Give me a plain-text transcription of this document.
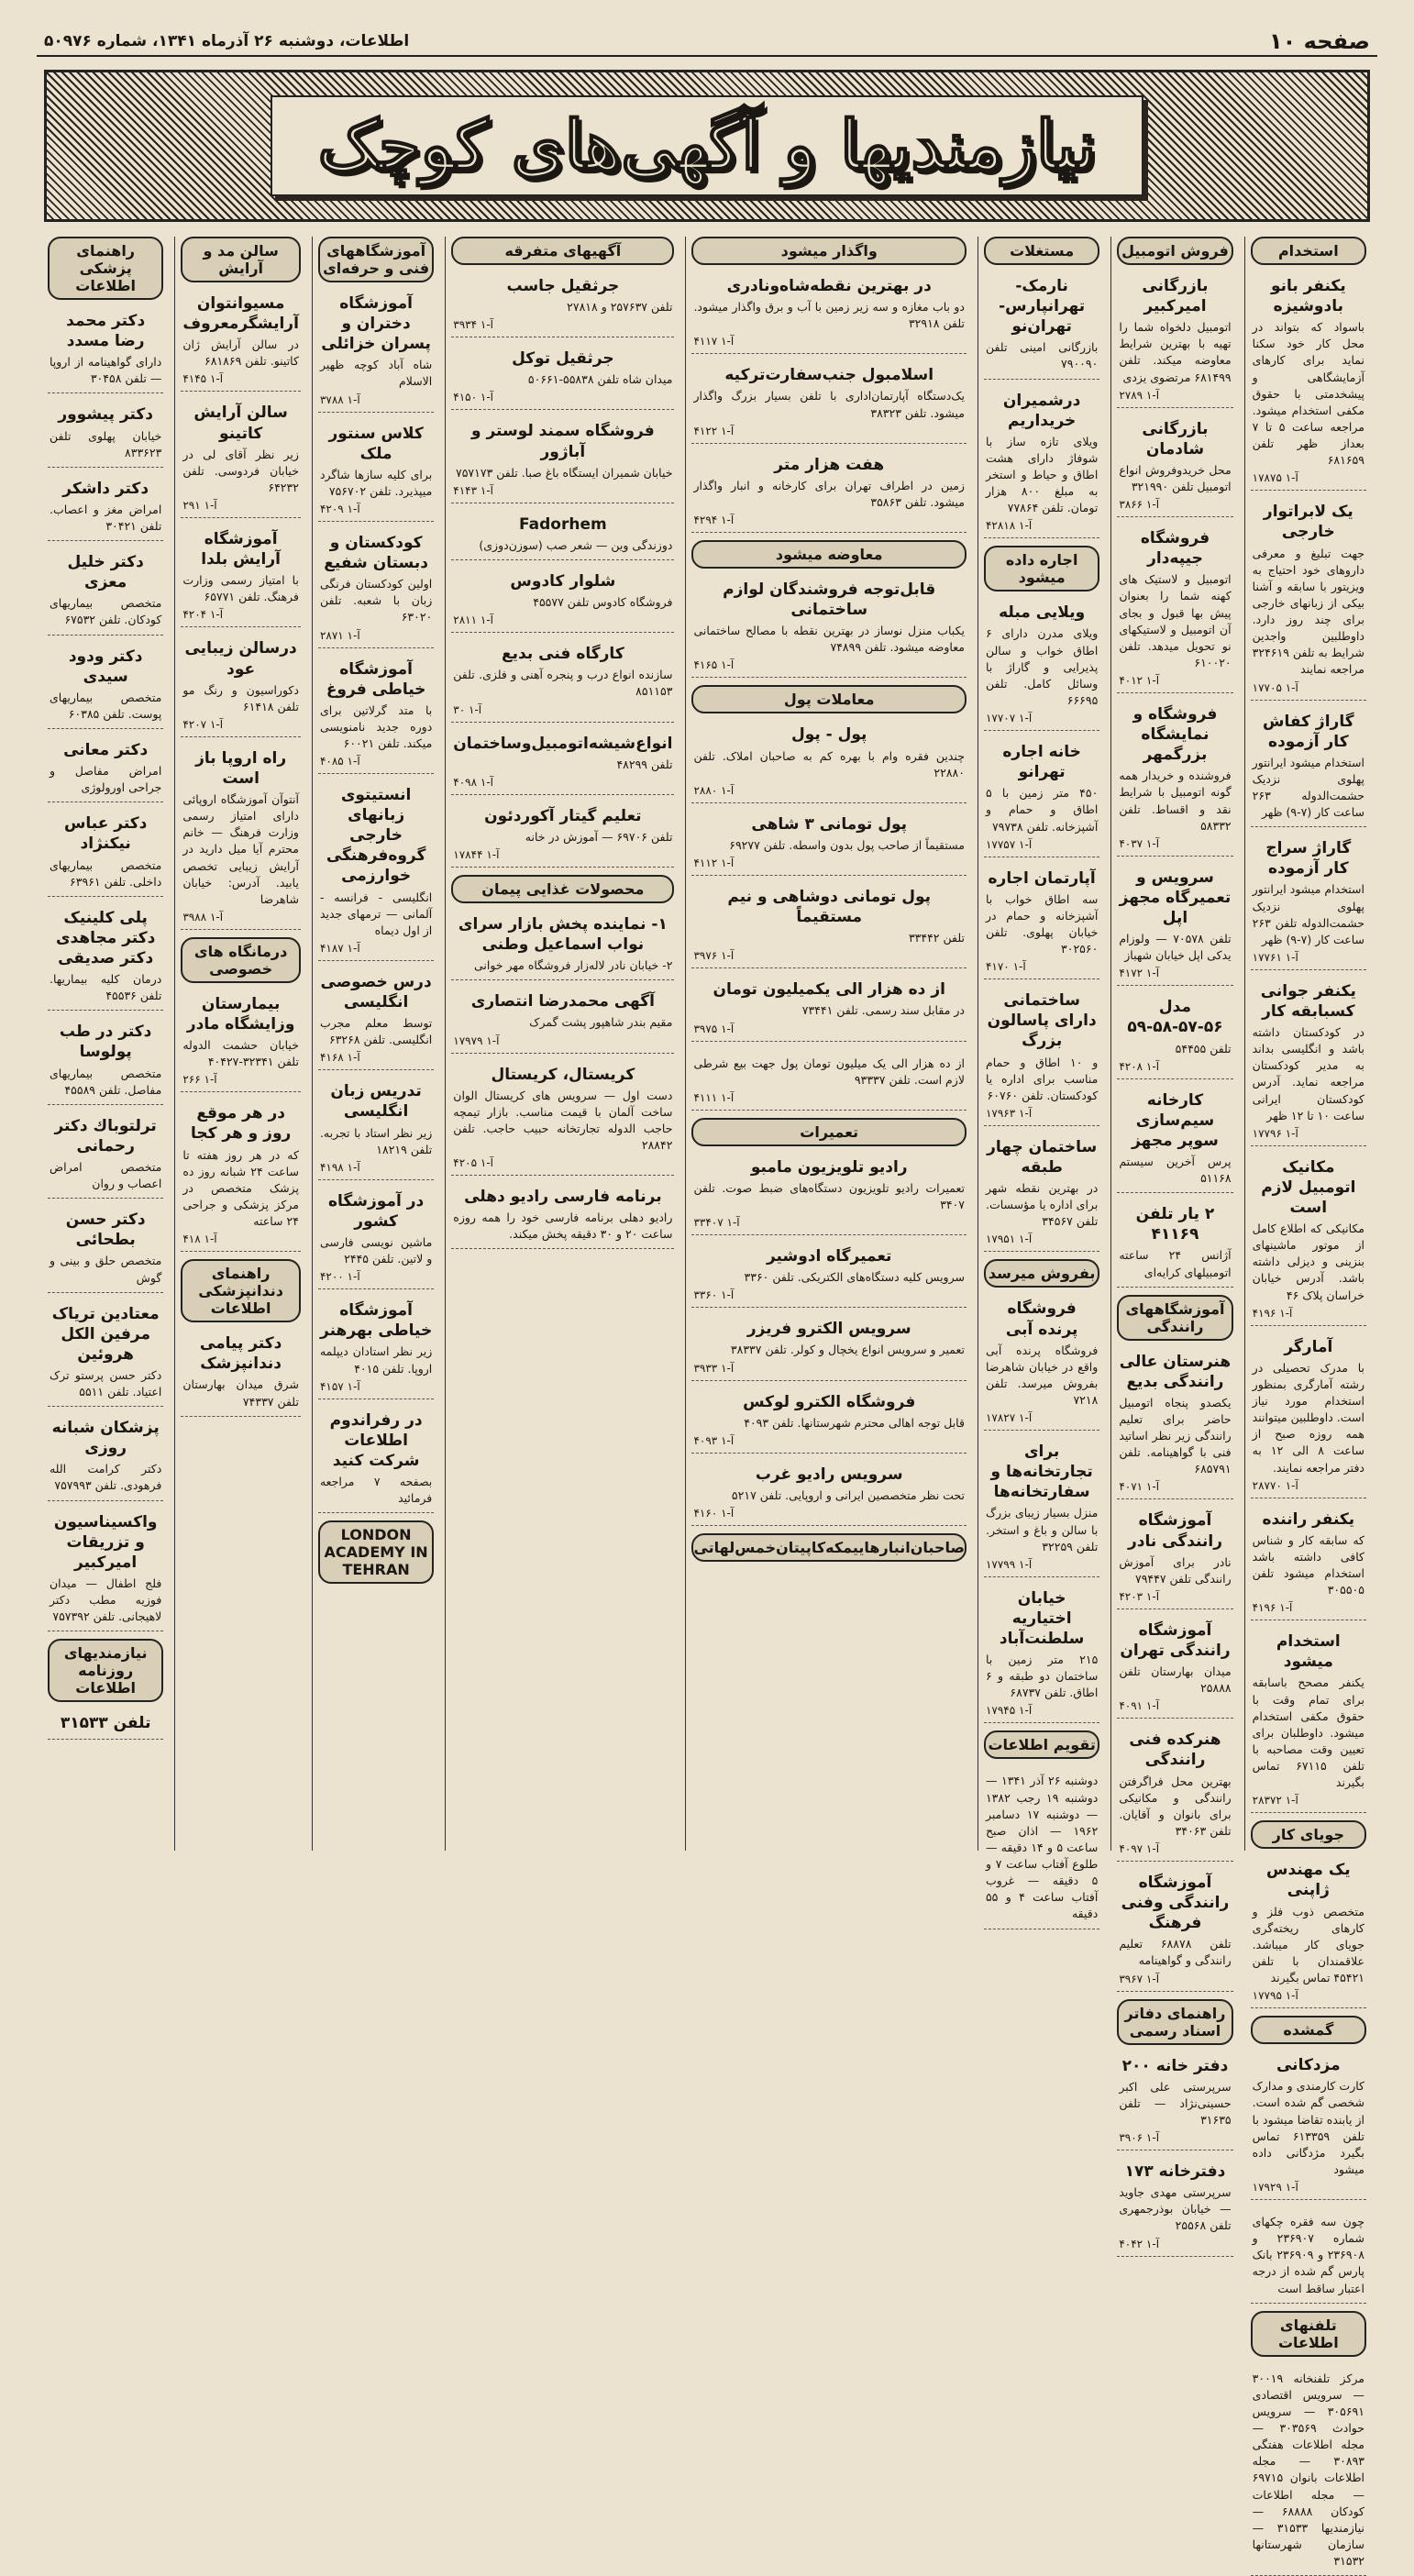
صفحه ۱۰
اطلاعات، دوشنبه ۲۶ آذرماه ۱۳۴۱، شماره ۵۰۹۷۶
نیازمندیها و آگهی‌های کوچک
استخدام
یکنفر بانو بادوشیزه
باسواد که بتواند در محل کار خود سکنا نماید برای کارهای آزمایشگاهی و پیشخدمتی با حقوق مکفی استخدام میشود. مراجعه ساعت ۵ تا ۷ بعداز ظهر تلفن ۶۸۱۶۵۹
آ-۱ ۱۷۸۷۵
یک لابراتوار خارجی
جهت تبلیغ و معرفی داروهای خود احتیاج به ویزیتور با سابقه و آشنا بیکی از زبانهای خارجی برای چند روز دارد. داوطلبین واجدین شرایط به تلفن ۳۲۴۶۱۹ مراجعه نمایند
آ-۱ ۱۷۷۰۵
گاراژ کفاش کار آزموده
استخدام میشود ایرانتور پهلوی نزدیک حشمت‌الدوله ۲۶۳ ساعت کار (۷-۹) ظهر
گاراژ سراج کار آزموده
استخدام میشود ایرانتور پهلوی نزدیک حشمت‌الدوله تلفن ۲۶۳ ساعت کار (۷-۹) ظهر
آ-۱ ۱۷۷۶۱
یکنفر جوانی کسبابقه کار
در کودکستان داشته باشد و انگلیسی بداند به مدیر کودکستان مراجعه نماید. آدرس کودکستان ایرانی ساعت ۱۰ تا ۱۲ ظهر
آ-۱ ۱۷۷۹۶
مکانیک اتومبیل لازم است
مکانیکی که اطلاع کامل از موتور ماشینهای بنزینی و دیزلی داشته باشد. آدرس خیابان خراسان پلاک ۴۶
آ-۱ ۴۱۹۶
آمارگر
با مدرک تحصیلی در رشته آمارگری بمنظور استخدام مورد نیاز است. داوطلبین میتوانند همه روزه صبح از ساعت ۸ الی ۱۲ به دفتر مراجعه نمایند.
آ-۱ ۲۸۷۷۰
یکنفر راننده
که سابقه کار و شناس کافی داشته باشد استخدام میشود تلفن ۳۰۵۵۰۵
آ-۱ ۴۱۹۶
استخدام میشود
یکنفر مصحح باسابقه برای تمام وقت با حقوق مکفی استخدام میشود. داوطلبان برای تعیین وقت مصاحبه با تلفن ۶۷۱۱۵ تماس بگیرند
آ-۱ ۲۸۳۷۲
جویای کار
یک مهندس ژاپنی
متخصص ذوب فلز و کارهای ریخته‌گری جویای کار میباشد. علاقمندان با تلفن ۴۵۴۲۱ تماس بگیرند
آ-۱ ۱۷۷۹۵
گمشده
مزدکانی
کارت کارمندی و مدارک شخصی گم شده است. از یابنده تقاضا میشود با تلفن ۶۱۳۳۵۹ تماس بگیرد مژدگانی داده میشود
آ-۱ ۱۷۹۲۹
چون سه فقره چکهای شماره ۲۳۶۹۰۷ و ۲۳۶۹۰۸ و ۲۳۶۹۰۹ بانک پارس گم شده از درجه اعتبار ساقط است
تلفنهای اطلاعات
مرکز تلفنخانه ۳۰۰۱۹ — سرویس اقتصادی ۳۰۵۶۹۱ — سرویس حوادث ۳۰۳۵۶۹ — مجله اطلاعات هفتگی ۳۰۸۹۳ — مجله اطلاعات بانوان ۶۹۷۱۵ — مجله اطلاعات کودکان ۶۸۸۸۸ — نیازمندیها ۳۱۵۳۳ — سازمان شهرستانها ۳۱۵۳۲
فروش اتومبیل
بازرگانی امیرکبیر
اتومبیل دلخواه شما را تهیه با بهترین شرایط معاوضه میکند. تلفن ۶۸۱۴۹۹ مرتضوی یزدی
آ-۱ ۲۷۸۹
بازرگانی شادمان
محل خریدوفروش انواع اتومبیل تلفن ۳۲۱۹۹۰
آ-۱ ۳۸۶۶
فروشگاه جیپه‌دار
اتومبیل و لاستیک های کهنه شما را بعنوان پیش بها قبول و بجای آن اتومبیل و لاستیکهای نو تحویل میدهد. تلفن ۶۱۰۰۲۰
آ-۱ ۴۰۱۲
فروشگاه و نمایشگاه بزرگمهر
فروشنده و خریدار همه گونه اتومبیل با شرایط نقد و اقساط. تلفن ۵۸۳۳۲
آ-۱ ۴۰۳۷
سرویس و تعمیرگاه مجهز اپل
تلفن ۷۰۵۷۸ — ولوزام یدکی اپل خیابان شهباز
آ-۱ ۴۱۷۲
مدل ۵۶-۵۷-۵۸-۵۹
تلفن ۵۴۴۵۵
آ-۱ ۴۲۰۸
کارخانه سیم‌سازی سوپر مجهز
پرس آخرین سیستم ۵۱۱۶۸
۲ یار تلفن ۴۱۱۶۹
آژانس ۲۴ ساعته اتومبیلهای کرایه‌ای
آموزشگاههای رانندگی
هنرستان عالی رانندگی بدیع
یکصدو پنجاه اتومبیل حاضر برای تعلیم رانندگی زیر نظر اساتید فنی با گواهینامه. تلفن ۶۸۵۷۹۱
آ-۱ ۴۰۷۱
آموزشگاه رانندگی نادر
نادر برای آموزش رانندگی تلفن ۷۹۴۴۷
آ-۱ ۴۲۰۳
آموزشگاه رانندگی تهران
میدان بهارستان تلفن ۲۵۸۸۸
آ-۱ ۴۰۹۱
هنرکده فنی رانندگی
بهترین محل فراگرفتن رانندگی و مکانیکی برای بانوان و آقایان. تلفن ۳۴۰۶۳
آ-۱ ۴۰۹۷
آموزشگاه رانندگی وفنی فرهنگ
تلفن ۶۸۸۷۸ تعلیم رانندگی و گواهینامه
آ-۱ ۳۹۶۷
راهنمای دفاتر اسناد رسمی
دفتر خانه ۲۰۰
سرپرستی علی اکبر حسینی‌نژاد — تلفن ۳۱۶۳۵
آ-۱ ۳۹۰۶
دفترخانه ۱۷۳
سرپرستی مهدی جاوید — خیابان بوذرجمهری تلفن ۲۵۵۶۸
آ-۱ ۴۰۴۲
مستغلات
نارمک-تهرانپارس-تهران‌نو
بازرگانی امینی تلفن ۷۹۰۰۹۰
درشمیران خریداریم
ویلای تازه ساز با شوفاژ دارای هشت اطاق و حیاط و استخر به مبلغ ۸۰۰ هزار تومان. تلفن ۷۷۸۶۴
آ-۱ ۴۲۸۱۸
اجاره داده میشود
ویلایی مبله
ویلای مدرن دارای ۶ اطاق خواب و سالن پذیرایی و گاراژ با وسائل کامل. تلفن ۶۶۶۹۵
آ-۱ ۱۷۷۰۷
خانه اجاره تهرانو
۴۵۰ متر زمین با ۵ اطاق و حمام و آشپزخانه. تلفن ۷۹۷۳۸
آ-۱ ۱۷۷۵۷
آپارتمان اجاره
سه اطاق خواب با آشپزخانه و حمام در خیابان پهلوی. تلفن ۳۰۲۵۶۰
آ-۱ ۴۱۷۰
ساختمانی دارای پاسالون بزرگ
و ۱۰ اطاق و حمام مناسب برای اداره یا کودکستان. تلفن ۶۰۷۶۰
آ-۱ ۱۷۹۶۳
ساختمان چهار طبقه
در بهترین نقطه شهر برای اداره یا مؤسسات. تلفن ۳۴۵۶۷
آ-۱ ۱۷۹۵۱
بفروش میرسد
فروشگاه پرنده آبی
فروشگاه پرنده آبی واقع در خیابان شاهرضا بفروش میرسد. تلفن ۷۲۱۸
آ-۱ ۱۷۸۲۷
برای تجارتخانه‌ها و سفارتخانه‌ها
منزل بسیار زیبای بزرگ با سالن و باغ و استخر. تلفن ۳۲۲۵۹
آ-۱ ۱۷۷۹۹
خیابان اختیاریه سلطنت‌آباد
۲۱۵ متر زمین با ساختمان دو طبقه و ۶ اطاق. تلفن ۶۸۷۳۷
آ-۱ ۱۷۹۴۵
تقویم اطلاعات
دوشنبه ۲۶ آذر ۱۳۴۱ — دوشنبه ۱۹ رجب ۱۳۸۲ — دوشنبه ۱۷ دسامبر ۱۹۶۲ — اذان صبح ساعت ۵ و ۱۴ دقیقه — طلوع آفتاب ساعت ۷ و ۵ دقیقه — غروب آفتاب ساعت ۴ و ۵۵ دقیقه
واگذار میشود
در بهترین نقطه‌شاه‌و‌نادری
دو باب مغازه و سه زیر زمین با آب و برق واگذار میشود. تلفن ۳۲۹۱۸
آ-۱ ۴۱۱۷
اسلامبول جنب‌سفارت‌ترکیه
یک‌دستگاه آپارتمان‌اداری با تلفن بسیار بزرگ واگذار میشود. تلفن ۳۸۳۲۳
آ-۱ ۴۱۲۲
هفت هزار متر
زمین در اطراف تهران برای کارخانه و انبار واگذار میشود. تلفن ۳۵۸۶۳
آ-۱ ۴۲۹۴
معاوضه میشود
قابل‌توجه فروشندگان لوازم ساختمانی
یکباب منزل نوساز در بهترین نقطه با مصالح ساختمانی معاوضه میشود. تلفن ۷۴۸۹۹
آ-۱ ۴۱۶۵
معاملات پول
پول - پول
چندین فقره وام با بهره کم به صاحبان املاک. تلفن ۲۲۸۸۰
آ-۱ ۲۸۸۰
پول تومانی ۳ شاهی
مستقیماً از صاحب پول بدون واسطه. تلفن ۶۹۲۷۷
آ-۱ ۴۱۱۲
پول تومانی دوشاهی و نیم مستقیماً
تلفن ۳۳۴۴۲
آ-۱ ۳۹۷۶
از ده هزار الی یکمیلیون تومان
در مقابل سند رسمی. تلفن ۷۳۴۴۱
آ-۱ ۳۹۷۵
از ده هزار الی یک میلیون تومان پول جهت بیع شرطی لازم است. تلفن ۹۳۳۳۷
آ-۱ ۴۱۱۱
تعمیرات
رادیو تلویزیون مامبو
تعمیرات رادیو تلویزیون دستگاه‌های ضبط صوت. تلفن ۳۴۰۷
آ-۱ ۳۳۴۰۷
تعمیرگاه ادوشیر
سرویس کلیه دستگاه‌های الکتریکی. تلفن ۳۳۶۰
آ-۱ ۳۳۶۰
سرویس الکترو فریزر
تعمیر و سرویس انواع یخچال و کولر. تلفن ۳۸۳۳۷
آ-۱ ۳۹۳۳
فروشگاه الکترو لوکس
قابل توجه اهالی محترم شهرستانها. تلفن ۴۰۹۳
آ-۱ ۴۰۹۳
سرویس رادیو غرب
تحت نظر متخصصین ایرانی و اروپایی. تلفن ۵۲۱۷
آ-۱ ۴۱۶۰
صاحبان‌انبارهاییمکه‌کاپیتان‌خمس‌لهاتی
آگهیهای متفرقه
جرثقیل جاسب
تلفن ۲۵۷۶۳۷ و ۲۷۸۱۸
آ-۱ ۳۹۳۴
جرثقیل توکل
میدان شاه تلفن ۵۵۸۳۸-۵۰۶۶۱
آ-۱ ۴۱۵۰
فروشگاه سمند لوستر و آباژور
خیابان شمیران ایستگاه باغ صبا. تلفن ۷۵۷۱۷۳
آ-۱ ۴۱۴۳
Fadorhem
دوزندگی وین — شعر صب (سوزن‌دوزی)
شلوار کادوس
فروشگاه کادوس تلفن ۴۵۵۷۷
آ-۱ ۲۸۱۱
کارگاه فنی بدیع
سازنده انواع درب و پنجره آهنی و فلزی. تلفن ۸۵۱۱۵۳
آ-۱ ۳۰
انواع‌شیشه‌اتومبیل‌وساختمان
تلفن ۴۸۲۹۹
آ-۱ ۴۰۹۸
تعلیم گیتار آکوردئون
تلفن ۶۹۷۰۶ — آموزش در خانه
آ-۱ ۱۷۸۴۴
محصولات غذایی پیمان
۱- نماینده پخش بازار سرای نواب اسماعیل وطنی
۲- خیابان نادر لاله‌زار فروشگاه مهر خوانی
آگهی محمدرضا انتصاری
مقیم بندر شاهپور پشت گمرک
آ-۱ ۱۷۹۷۹
کریستال، کریستال
دست اول — سرویس های کریستال الوان ساخت آلمان با قیمت مناسب. بازار تیمچه حاجب الدوله تجارتخانه حبیب حاجب. تلفن ۲۸۸۴۲
آ-۱ ۴۲۰۵
برنامه فارسی رادیو دهلی
رادیو دهلی برنامه فارسی خود را همه روزه ساعت ۲۰ و ۳۰ دقیقه پخش میکند.
آموزشگاههای فنی و حرفه‌ای
آموزشگاه دختران و پسران خزائلی
شاه آباد کوچه ظهیر الاسلام
آ-۱ ۳۷۸۸
کلاس سنتور ملک
برای کلیه سازها شاگرد میپذیرد. تلفن ۷۵۶۷۰۲
آ-۱ ۴۲۰۹
کودکستان و دبستان شفیع
اولین کودکستان فرنگی زبان با شعبه. تلفن ۶۳۰۲۰
آ-۱ ۲۸۷۱
آموزشگاه خیاطی فروغ
با متد گرلاتین برای دوره جدید نامنویسی میکند. تلفن ۶۰۰۲۱
آ-۱ ۴۰۸۵
انستیتوی زبانهای خارجی گروه‌فرهنگی خوارزمی
انگلیسی - فرانسه - آلمانی — ترمهای جدید از اول دیماه
آ-۱ ۴۱۸۷
درس خصوصی انگلیسی
توسط معلم مجرب انگلیسی. تلفن ۶۳۲۶۸
آ-۱ ۴۱۶۸
تدریس زبان انگلیسی
زیر نظر استاد با تجربه. تلفن ۱۸۲۱۹
آ-۱ ۴۱۹۸
در آموزشگاه کشور
ماشین نویسی فارسی و لاتین. تلفن ۲۴۴۵
آ-۱ ۴۲۰۰
آموزشگاه خیاطی بهرهنر
زیر نظر استادان دیپلمه اروپا. تلفن ۴۰۱۵
آ-۱ ۴۱۵۷
در رفراندوم اطلاعات شرکت کنید
بصفحه ۷ مراجعه فرمائید
LONDON ACADEMY IN TEHRAN
سالن مد و آرایش
مسیوانتوان آرایشگرمعروف
در سالن آرایش ژان کاتینو. تلفن ۶۸۱۸۶۹
آ-۱ ۴۱۴۵
سالن آرایش کاتینو
زیر نظر آقای لی در خیابان فردوسی. تلفن ۶۴۲۳۲
آ-۱ ۲۹۱
آموزشگاه آرایش بلدا
با امتیاز رسمی وزارت فرهنگ. تلفن ۶۵۷۷۱
آ-۱ ۴۲۰۴
درسالن زیبایی عود
دکوراسیون و رنگ مو تلفن ۶۱۴۱۸
آ-۱ ۴۲۰۷
راه اروپا باز است
آنتوآن آموزشگاه اروپائی دارای امتیاز رسمی وزارت فرهنگ — خانم محترم آیا میل دارید در آرایش زیبایی تخصص یابید. آدرس: خیابان شاهرضا
آ-۱ ۳۹۸۸
درمانگاه های خصوصی
بیمارستان وزایشگاه مادر
خیابان حشمت الدوله تلفن ۳۲۳۴۱-۴۰۴۲۷
آ-۱ ۲۶۶
در هر موقع روز و هر کجا
که در هر روز هفته تا ساعت ۲۴ شبانه روز ده پزشک متخصص در مرکز پزشکی و جراحی ۲۴ ساعته
آ-۱ ۴۱۸
راهنمای دندانپزشکی اطلاعات
دکتر پیامی دندانپزشک
شرق میدان بهارستان تلفن ۷۴۳۳۷
راهنمای پزشکی اطلاعات
دکتر محمد رضا مسدد
دارای گواهینامه از اروپا — تلفن ۳۰۴۵۸
دکتر پیشوور
خیابان پهلوی تلفن ۸۳۳۶۲۳
دکتر داشکر
امراض مغز و اعصاب. تلفن ۳۰۴۲۱
دکتر خلیل معزی
متخصص بیماریهای کودکان. تلفن ۶۷۵۳۲
دکتر ودود سیدی
متخصص بیماریهای پوست. تلفن ۶۰۳۸۵
دکتر معانی
امراض مفاصل و جراحی اورولوژی
دکتر عباس نیکنژاد
متخصص بیماریهای داخلی. تلفن ۶۳۹۶۱
پلی کلینیک دکتر مجاهدی دکتر صدیقی
درمان کلیه بیماریها. تلفن ۴۵۵۳۶
دکتر در طب پولوسا
متخصص بیماریهای مفاصل. تلفن ۴۵۵۸۹
ترلتوباك دکتر رحمانی
متخصص امراض اعصاب و روان
دکتر حسن بطحائی
متخصص حلق و بینی و گوش
معتادین تریاک مرفین الکل هروئین
دکتر حسن پرستو ترک اعتیاد. تلفن ۵۵۱۱
پزشکان شبانه روزی
دکتر کرامت الله فرهودی. تلفن ۷۵۷۹۹۳
واکسیناسیون و تزریقات امیرکبیر
فلج اطفال — میدان فوزیه مطب دکتر لاهیجانی. تلفن ۷۵۷۳۹۲
نیازمندیهای روزنامه اطلاعات
تلفن ۳۱۵۳۳
